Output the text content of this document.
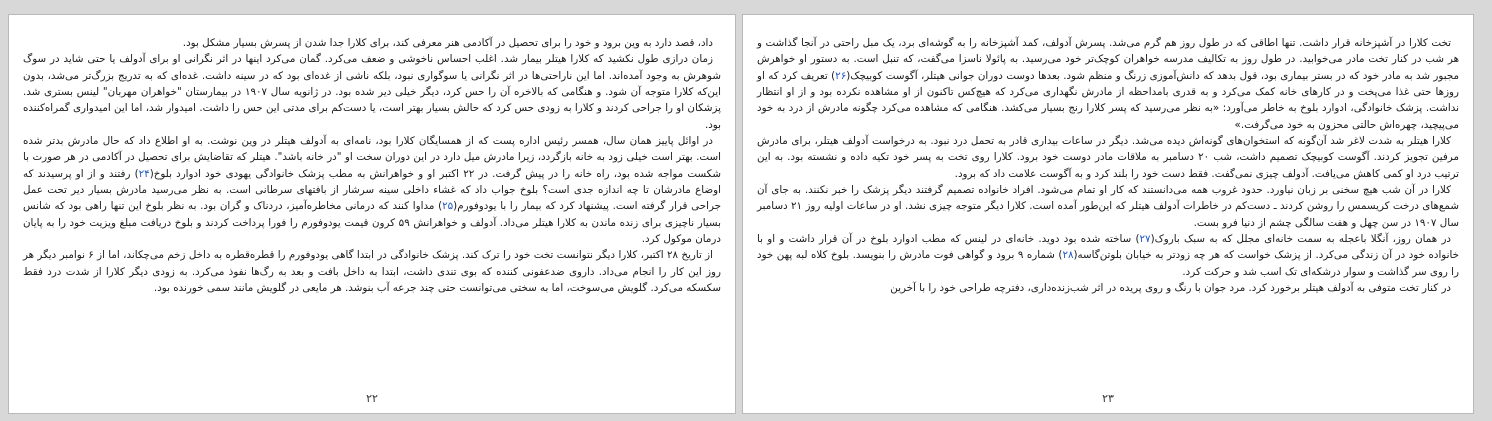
داد، قصد دارد به وین برود و خود را برای تحصیل در آکادمی هنر معرفی کند، برای کلارا جدا شدن از پسرش بسیار مشکل بود.

زمان درازی طول نکشید که کلارا هیتلر بیمار شد. اغلب احساس ناخوشی و ضعف می‌کرد. گمان می‌کرد اینها در اثر نگرانی او برای آدولف یا حتی شاید در سوگ شوهرش به وجود آمده‌اند. اما این ناراحتی‌ها در اثر نگرانی یا سوگواری نبود، بلکه ناشی از غده‌ای بود که در سینه داشت. غده‌ای که به تدریج بزرگ‌تر می‌شد، بدون این‌که کلارا متوجه آن شود. و هنگامی که بالاخره آن را حس کرد، دیگر خیلی دیر شده بود. در ژانویه سال ۱۹۰۷ در بیمارستان "خواهران مهربان" لینس بستری شد. پزشکان او را جراحی کردند و کلارا به زودی حس کرد که حالش بسیار بهتر است، یا دست‌کم برای مدتی این حس را داشت. امیدوار شد، اما این امیدواری گمراه‌کننده بود.

در اوائل پاییز همان سال، همسر رئیس اداره پست که از همسایگان کلارا بود، نامه‌ای به آدولف هیتلر در وین نوشت. به او اطلاع داد که حال مادرش بدتر شده است. بهتر است خیلی زود به خانه بازگردد، زیرا مادرش میل دارد در این دوران سخت او "در خانه باشد". هیتلر که تقاضایش برای تحصیل در آکادمی در هر صورت با شکست مواجه شده بود، راه خانه را در پیش گرفت. در ۲۲ اکتبر او و خواهرانش به مطب پزشک خانوادگی یهودی خود ادوارد بلوخ(۲۴) رفتند و از او پرسیدند که اوضاع مادرشان تا چه اندازه جدی است؟ بلوخ جواب داد که غشاء داخلی سینه سرشار از بافتهای سرطانی است. به نظر می‌رسید مادرش بسیار دیر تحت عمل جراحی قرار گرفته است. پیشنهاد کرد که بیمار را با یودوفورم(۲۵) مداوا کنند که درمانی مخاطره‌آمیز، دردناک و گران بود. به نظر بلوخ این تنها راهی بود که شانس بسیار ناچیزی برای زنده ماندن به کلارا هیتلر می‌داد. آدولف و خواهرانش ۵۹ کرون قیمت یودوفورم را فورا پرداخت کردند و بلوخ دریافت مبلغ ویزیت خود را به پایان درمان موکول کرد.

از تاریخ ۲۸ اکتبر، کلارا دیگر نتوانست تخت خود را ترک کند. پزشک خانوادگی در ابتدا گاهی یودوفورم را قطره‌قطره به داخل زخم می‌چکاند، اما از ۶ نوامبر دیگر هر روز این کار را انجام می‌داد. داروی ضدعفونی کننده که بوی تندی داشت، ابتدا به داخل بافت و بعد به رگ‌ها نفوذ می‌کرد. به زودی دیگر کلارا از شدت درد فقط سکسکه می‌کرد. گلویش می‌سوخت، اما به سختی می‌توانست حتی چند جرعه آب بنوشد. هر مایعی در گلویش مانند سمی خورنده بود.

۲۲

تخت کلارا در آشپزخانه قرار داشت. تنها اطاقی که در طول روز هم گرم می‌شد. پسرش آدولف، کمد آشپزخانه را به گوشه‌ای برد، یک مبل راحتی در آنجا گذاشت و هر شب در کنار تخت مادر می‌خوابید. در طول روز به تکالیف مدرسه خواهران کوچک‌تر خود می‌رسید. به پائولا ناسزا می‌گفت، که تنبل است. به دستور او خواهرش مجبور شد به مادر خود که در بستر بیماری بود، قول بدهد که دانش‌آموزی زرنگ و منظم شود. بعدها دوست دوران جوانی هیتلر، آگوست کوبیچک(۲۶) تعریف کرد که او روزها حتی غذا می‌پخت و در کارهای خانه کمک می‌کرد و به قدری بامداحظه از مادرش نگهداری می‌کرد که هیچ‌کس تاکنون از او مشاهده نکرده بود و از او انتظار نداشت. پزشک خانوادگی، ادوارد بلوخ به خاطر می‌آورد: «به نظر می‌رسید که پسر کلارا رنج بسیار می‌کشد. هنگامی که مشاهده می‌کرد چگونه مادرش از درد به خود می‌پیچید، چهره‌اش حالتی محزون به خود می‌گرفت.»

کلارا هیتلر به شدت لاغر شد آن‌گونه که استخوان‌های گونه‌اش دیده می‌شد. دیگر در ساعات بیداری قادر به تحمل درد نبود. به درخواست آدولف هیتلر، برای مادرش مرفین تجویز کردند. آگوست کوبیچک تصمیم داشت، شب ۲۰ دسامبر به ملاقات مادر دوست خود برود. کلارا روی تخت به پسر خود تکیه داده و نشسته بود. به این ترتیب درد او کمی کاهش می‌یافت. آدولف چیزی نمی‌گفت. فقط دست خود را بلند کرد و به آگوست علامت داد که برود.

کلارا در آن شب هیچ سخنی بر زبان نیاورد. حدود غروب همه می‌دانستند که کار او تمام می‌شود. افراد خانواده تصمیم گرفتند دیگر پزشک را خبر نکنند. به جای آن شمع‌های درخت کریسمس را روشن کردند ـ دست‌کم در خاطرات آدولف هیتلر که این‌طور آمده است. کلارا دیگر متوجه چیزی نشد. او در ساعات اولیه روز ۲۱ دسامبر سال ۱۹۰۷ در سن چهل و هفت سالگی چشم از دنیا فرو بست.

در همان روز، آنگلا باعجله به سمت خانه‌ای مجلل که به سبک باروک(۲۷) ساخته شده بود دوید. خانه‌ای در لینس که مطب ادوارد بلوخ در آن قرار داشت و او با خانواده خود در آن زندگی می‌کرد. از پزشک خواست که هر چه زودتر به خیابان بلوتن‌گاسه(۲۸) شماره ۹ برود و گواهی فوت مادرش را بنویسد. بلوخ کلاه لبه پهن خود را روی سر گذاشت و سوار درشکه‌ای تک اسب شد و حرکت کرد.

در کنار تخت متوفی به آدولف هیتلر برخورد کرد. مرد جوان با رنگ و روی پریده در اثر شب‌زنده‌داری، دفترچه طراحی خود را با آخرین

۲۳
